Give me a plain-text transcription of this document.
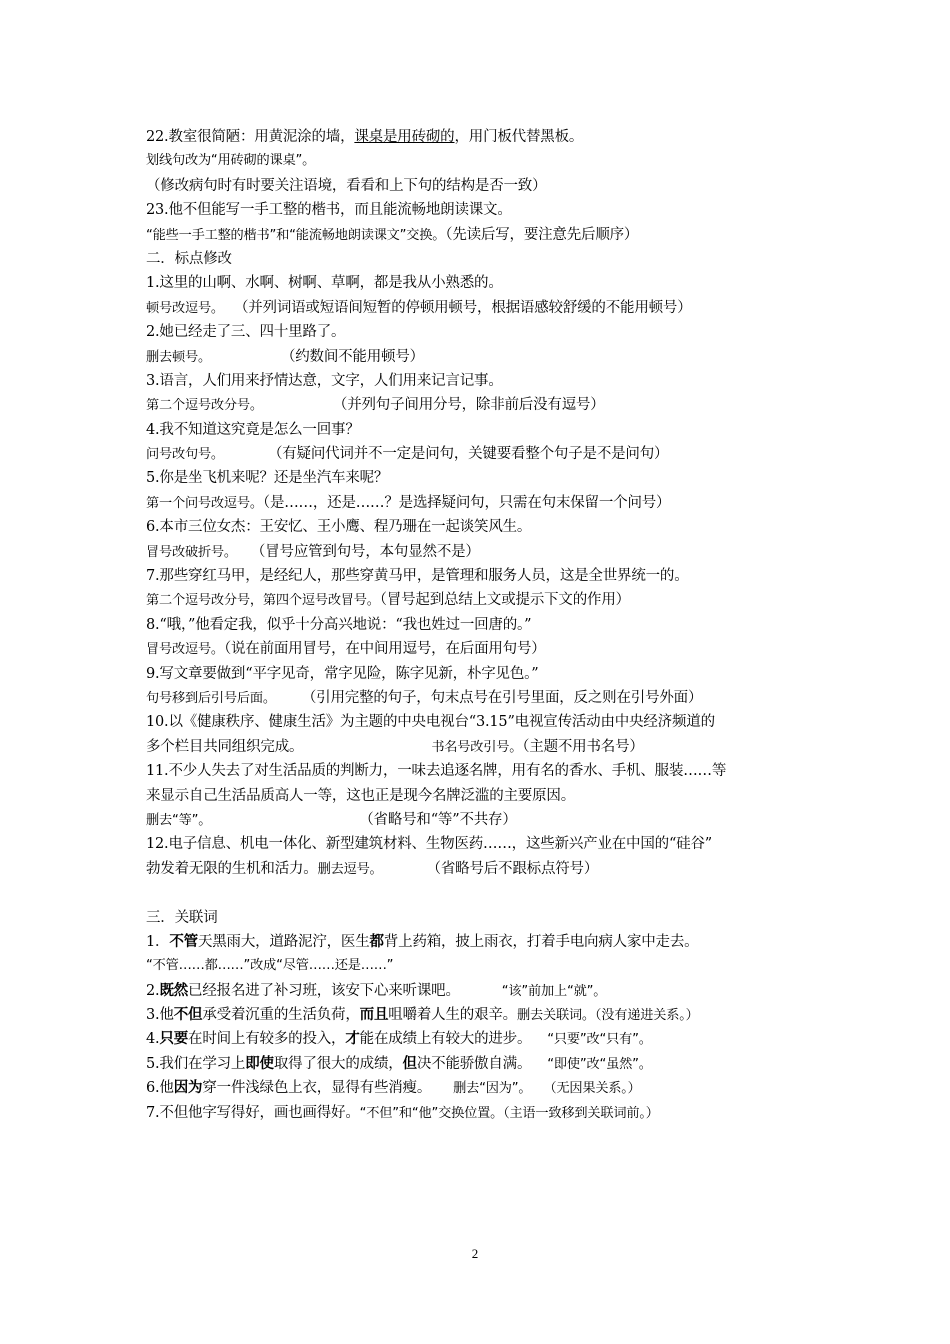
22.教室很简陋：用黄泥涂的墙，课桌是用砖砌的，用门板代替黑板。
划线句改为“用砖砌的课桌”。
（修改病句时有时要关注语境，看看和上下句的结构是否一致）
23.他不但能写一手工整的楷书，而且能流畅地朗读课文。
“能些一手工整的楷书”和“能流畅地朗读课文”交换。（先读后写，要注意先后顺序）
二．标点修改
1.这里的山啊、水啊、树啊、草啊，都是我从小熟悉的。
顿号改逗号。 （并列词语或短语间短暂的停顿用顿号，根据语感较舒缓的不能用顿号）
2.她已经走了三、四十里路了。
删去顿号。	（约数间不能用顿号）
3.语言，人们用来抒情达意，文字，人们用来记言记事。
第二个逗号改分号。	（并列句子间用分号，除非前后没有逗号）
4.我不知道这究竟是怎么一回事？
问号改句号。	（有疑问代词并不一定是问句，关键要看整个句子是不是问句）
5.你是坐飞机来呢？还是坐汽车来呢？
第一个问号改逗号。（是……，还是……？是选择疑问句，只需在句末保留一个问号）
6.本市三位女杰：王安忆、王小鹰、程乃珊在一起谈笑风生。
冒号改破折号。 （冒号应管到句号，本句显然不是）
7.那些穿红马甲，是经纪人，那些穿黄马甲，是管理和服务人员，这是全世界统一的。
第二个逗号改分号，第四个逗号改冒号。（冒号起到总结上文或提示下文的作用）
8.“哦，”他看定我，似乎十分高兴地说：“我也姓过一回唐的。”
冒号改逗号。（说在前面用冒号，在中间用逗号，在后面用句号）
9.写文章要做到“平字见奇，常字见险，陈字见新，朴字见色。”
句号移到后引号后面。 （引用完整的句子，句末点号在引号里面，反之则在引号外面）
10.以《健康秩序、健康生活》为主题的中央电视台“3.15”电视宣传活动由中央经济频道的
多个栏目共同组织完成。	书名号改引号。（主题不用书名号）
11.不少人失去了对生活品质的判断力，一味去追逐名牌，用有名的香水、手机、服装……等
来显示自己生活品质高人一等，这也正是现今名牌泛滥的主要原因。
删去“等”。	（省略号和“等”不共存）
12.电子信息、机电一体化、新型建筑材料、生物医药……，这些新兴产业在中国的“硅谷”
勃发着无限的生机和活力。删去逗号。	（省略号后不跟标点符号）
三．关联词
1．不管天黑雨大，道路泥泞，医生都背上药箱，披上雨衣，打着手电向病人家中走去。
“不管……都……”改成“尽管……还是……”
2.既然已经报名进了补习班，该安下心来听课吧。	“该”前加上“就”。
3.他不但承受着沉重的生活负荷，而且咀嚼着人生的艰辛。删去关联词。（没有递进关系。）
4.只要在时间上有较多的投入，才能在成绩上有较大的进步。 “只要”改“只有”。
5.我们在学习上即使取得了很大的成绩，但决不能骄傲自满。 “即使”改“虽然”。
6.他因为穿一件浅绿色上衣，显得有些消瘦。 删去“因为”。 （无因果关系。）
7.不但他字写得好，画也画得好。“不但”和“他”交换位置。（主语一致移到关联词前。）
2
